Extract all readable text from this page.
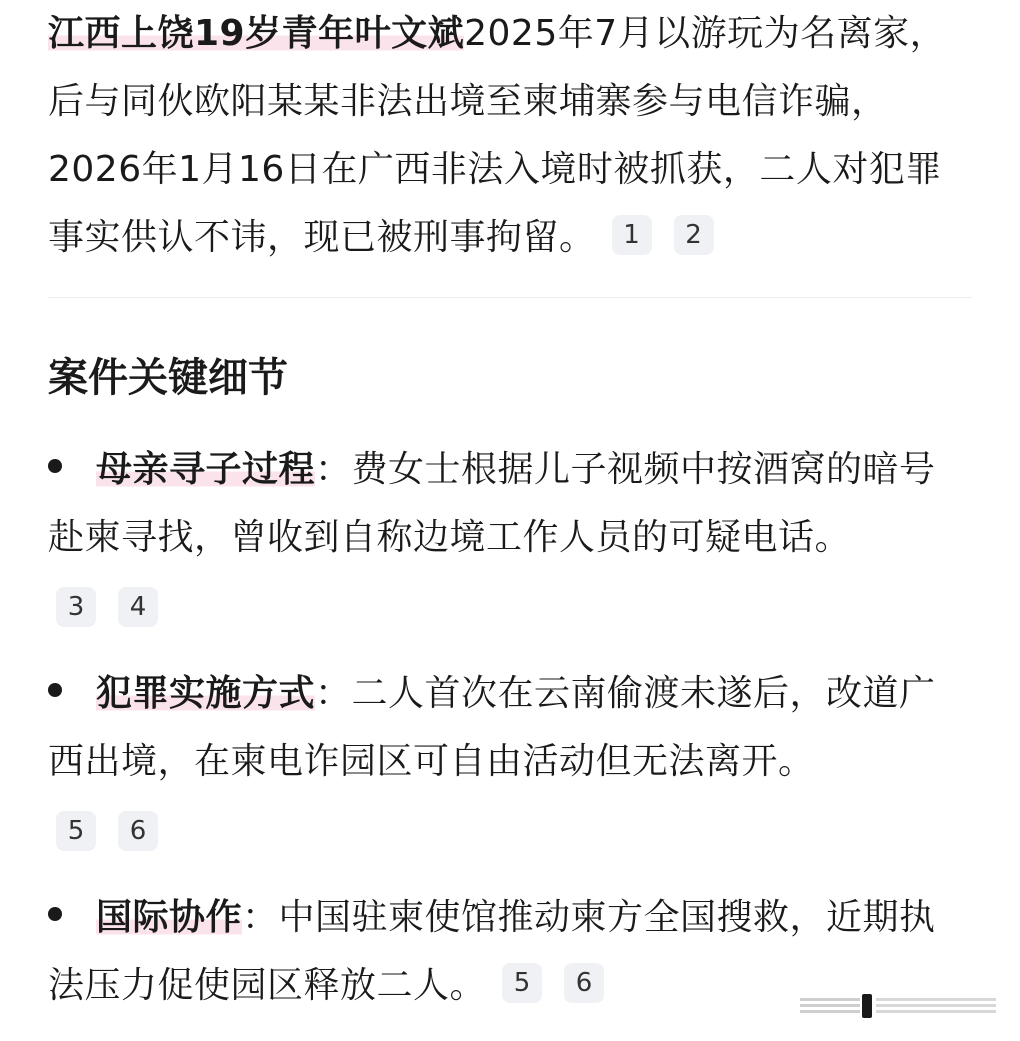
江西上饶19岁青年叶文斌2025年7月以游玩为名离家，后与同伙欧阳某某非法出境至柬埔寨参与电信诈骗，2026年1月16日在广西非法入境时被抓获，二人对犯罪事实供认不讳，现已被刑事拘留。 1 2

案件关键细节

母亲寻子过程：费女士根据儿子视频中按酒窝的暗号赴柬寻找，曾收到自称边境工作人员的可疑电话。

3	4

犯罪实施方式：二人首次在云南偷渡未遂后，改道广西出境，在柬电诈园区可自由活动但无法离开。

5	6

国际协作：中国驻柬使馆推动柬方全国搜救，近期执法压力促使园区释放二人。 5 6
